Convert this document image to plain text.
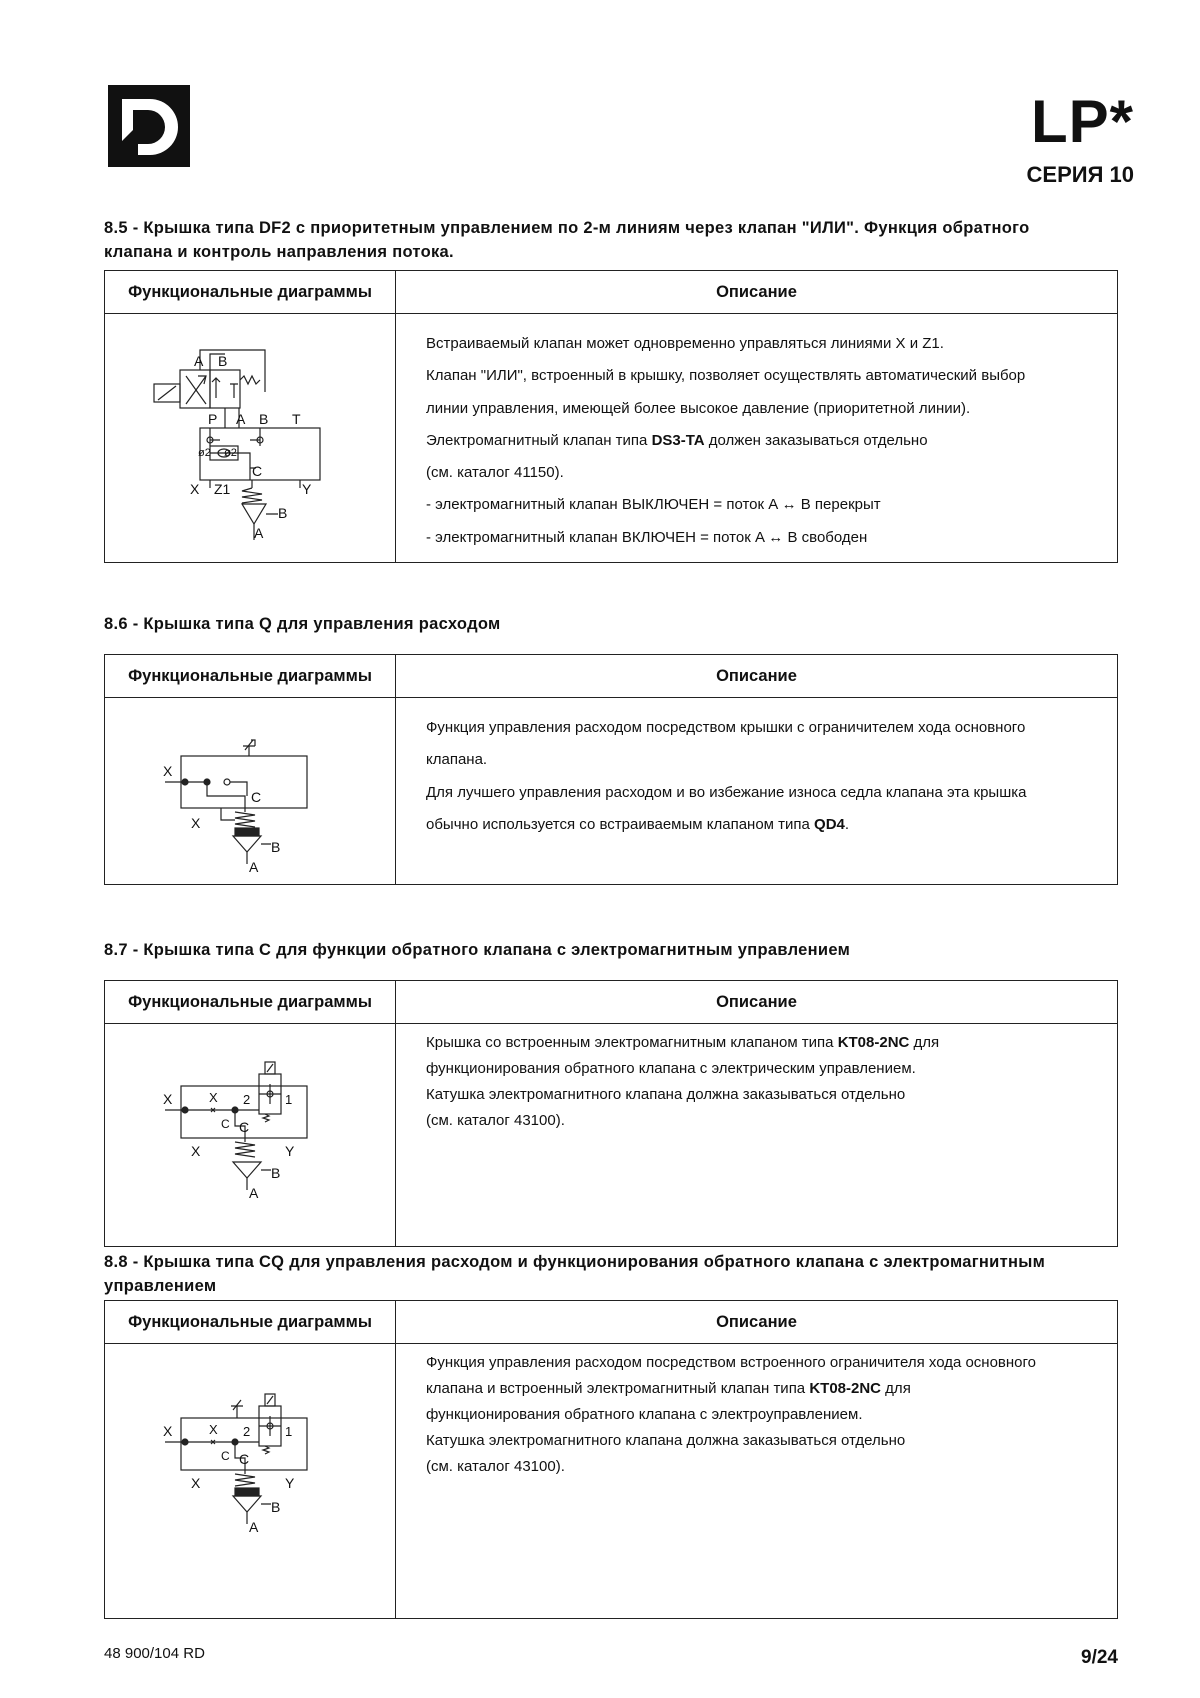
LP*
СЕРИЯ 10
8.5 - Крышка типа DF2 с приоритетным управлением по 2-м линиям через клапан "ИЛИ". Функция обратного клапана и контроль направления потока.
Функциональные диаграммы	Описание
A B
P A B T
ø2 ø2
C
X Z1	Y
B
A

Встраиваемый клапан может одновременно управляться линиями X и Z1.

Клапан "ИЛИ", встроенный в крышку, позволяет осуществлять автоматический выбор

линии управления, имеющей более высокое давление (приоритетной линии).

Электромагнитный клапан типа DS3-TA должен заказываться отдельно

(см. каталог 41150).

- электромагнитный клапан ВЫКЛЮЧЕН = поток A ↔ B перекрыт

- электромагнитный клапан ВКЛЮЧЕН = поток A ↔ B свободен

8.6 - Крышка типа Q для управления расходом
Функциональные диаграммы	Описание
X
C
X
B
A

Функция управления расходом посредством крышки с ограничителем хода основного

клапана.

Для лучшего управления расходом и во избежание износа седла клапана эта крышка

обычно используется со встраиваемым клапаном типа QD4.

8.7 - Крышка типа C для функции обратного клапана с электромагнитным управлением
Функциональные диаграммы	Описание
X	X 2	1
C C
X	Y
B
A

Крышка со встроенным электромагнитным клапаном типа KT08-2NC для

функционирования обратного клапана с электрическим управлением.

Катушка электромагнитного клапана должна заказываться отдельно

(см. каталог 43100).

8.8 - Крышка типа CQ для управления расходом и функционирования обратного клапана с электромагнитным управлением
Функциональные диаграммы	Описание
X	X 2	1
C C
X	Y
B
A

Функция управления расходом посредством встроенного ограничителя хода основного

клапана и встроенный электромагнитный клапан типа KT08-2NC для

функционирования обратного клапана с электроуправлением.

Катушка электромагнитного клапана должна заказываться отдельно

(см. каталог 43100).

48 900/104 RD	9/24
